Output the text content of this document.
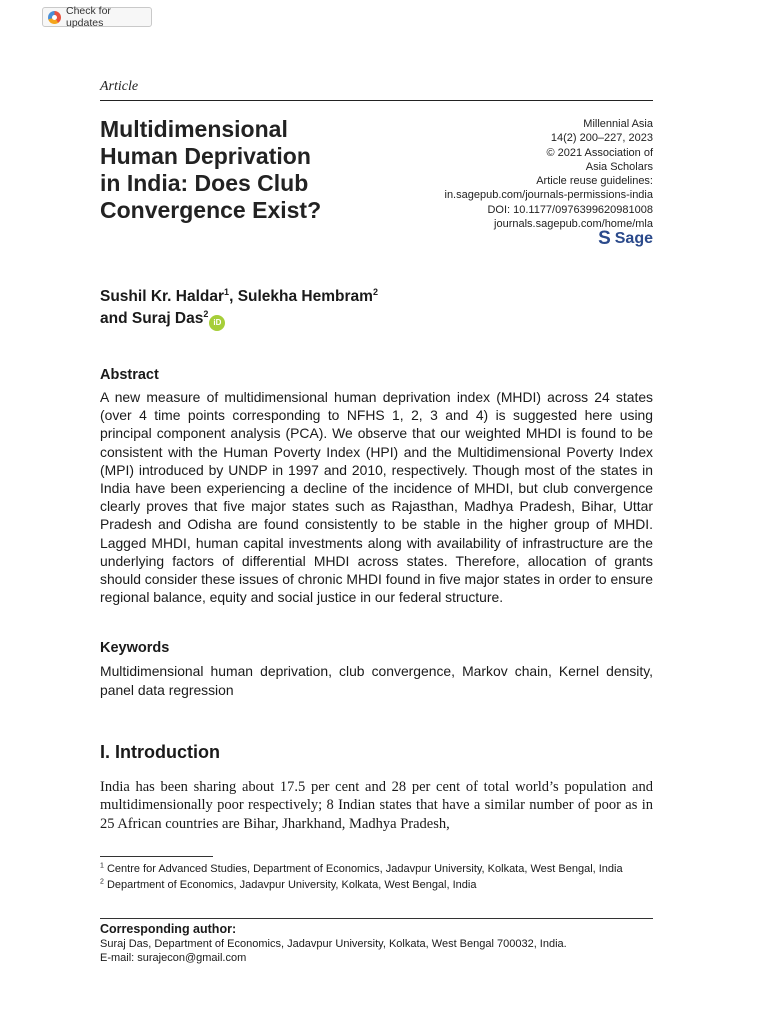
Check for updates
Article
Multidimensional
Human Deprivation
in India: Does Club
Convergence Exist?
Millennial Asia
14(2) 200–227, 2023
© 2021 Association of
Asia Scholars
Article reuse guidelines:
in.sagepub.com/journals-permissions-india
DOI: 10.1177/0976399620981008
journals.sagepub.com/home/mla
S Sage
Sushil Kr. Haldar$^1$, Sulekha Hembram$^2$
and Suraj Das$^2$iD
Abstract

A new measure of multidimensional human deprivation index (MHDI) across 24 states (over 4 time points corresponding to NFHS 1, 2, 3 and 4) is suggested here using principal component analysis (PCA). We observe that our weighted MHDI is found to be consistent with the Human Poverty Index (HPI) and the Multidimensional Poverty Index (MPI) introduced by UNDP in 1997 and 2010, respectively. Though most of the states in India have been experiencing a decline of the incidence of MHDI, but club convergence clearly proves that five major states such as Rajasthan, Madhya Pradesh, Bihar, Uttar Pradesh and Odisha are found consistently to be stable in the higher group of MHDI. Lagged MHDI, human capital investments along with availability of infrastructure are the underlying factors of differential MHDI across states. Therefore, allocation of grants should consider these issues of chronic MHDI found in five major states in order to ensure regional balance, equity and social justice in our federal structure.

Keywords

Multidimensional human deprivation, club convergence, Markov chain, Kernel density, panel data regression

I. Introduction

India has been sharing about 17.5 per cent and 28 per cent of total world’s population and multidimensionally poor respectively; 8 Indian states that have a similar number of poor as in 25 African countries are Bihar, Jharkhand, Madhya Pradesh,

$^1$ Centre for Advanced Studies, Department of Economics, Jadavpur University, Kolkata, West Bengal, India
$^2$ Department of Economics, Jadavpur University, Kolkata, West Bengal, India
Corresponding author:
Suraj Das, Department of Economics, Jadavpur University, Kolkata, West Bengal 700032, India.
E-mail: surajecon@gmail.com
